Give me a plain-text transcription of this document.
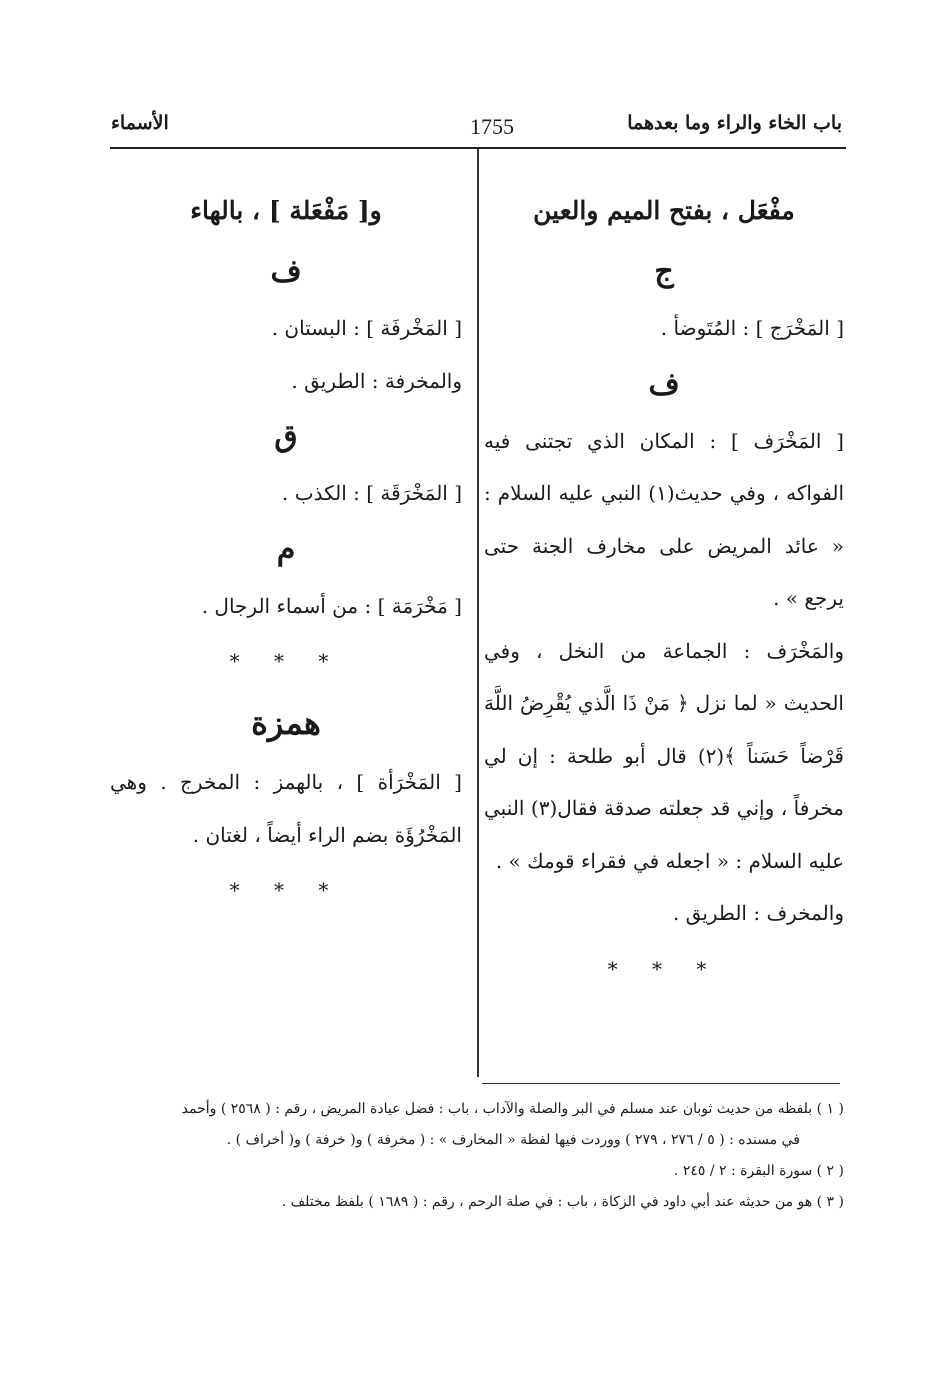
باب الخاء والراء وما بعدهما
1755
الأسماء
مفْعَل ، بفتح الميم والعين
ج
[ المَخْرَج ] : المُتَوضأ .
ف
[ المَخْرَف ] : المكان الذي تجتنى فيه الفواكه ، وفي حديث(١) النبي عليه السلام : « عائد المريض على مخارف الجنة حتى يرجع » .
والمَخْرَف : الجماعة من النخل ، وفي الحديث « لما نزل ﴿ مَنْ ذَا الَّذي يُقْرِضُ اللَّهَ قَرْضاً حَسَناً ﴾(٢) قال أبو طلحة : إن لي مخرفاً ، وإني قد جعلته صدقة فقال(٣) النبي عليه السلام : « اجعله في فقراء قومك » .
والمخرف : الطريق .
* * *
و[ مَفْعَلة ] ، بالهاء
ف
[ المَخْرفَة ] : البستان .
والمخرفة : الطريق .
ق
[ المَخْرَقَة ] : الكذب .
م
[ مَخْرَمَة ] : من أسماء الرجال .
* * *
همزة
[ المَخْرَأة ] ، بالهمز : المخرج . وهي المَخْرُؤَة بضم الراء أيضاً ، لغتان .
* * *
( ١ ) بلفظه من حديث ثوبان عند مسلم في البر والصلة والآداب ، باب : فضل عيادة المريض ، رقم : ( ٢٥٦٨ ) وأحمد
في مسنده : ( ٥ / ٢٧٦ ، ٢٧٩ ) ووردت فيها لفظة « المخارف » : ( مخرفة ) و( خرفة ) و( أخراف ) .
( ٢ ) سورة البقرة : ٢ / ٢٤٥ .
( ٣ ) هو من حديثه عند أبي داود في الزكاة ، باب : في صلة الرحم ، رقم : ( ١٦٨٩ ) بلفظ مختلف .
